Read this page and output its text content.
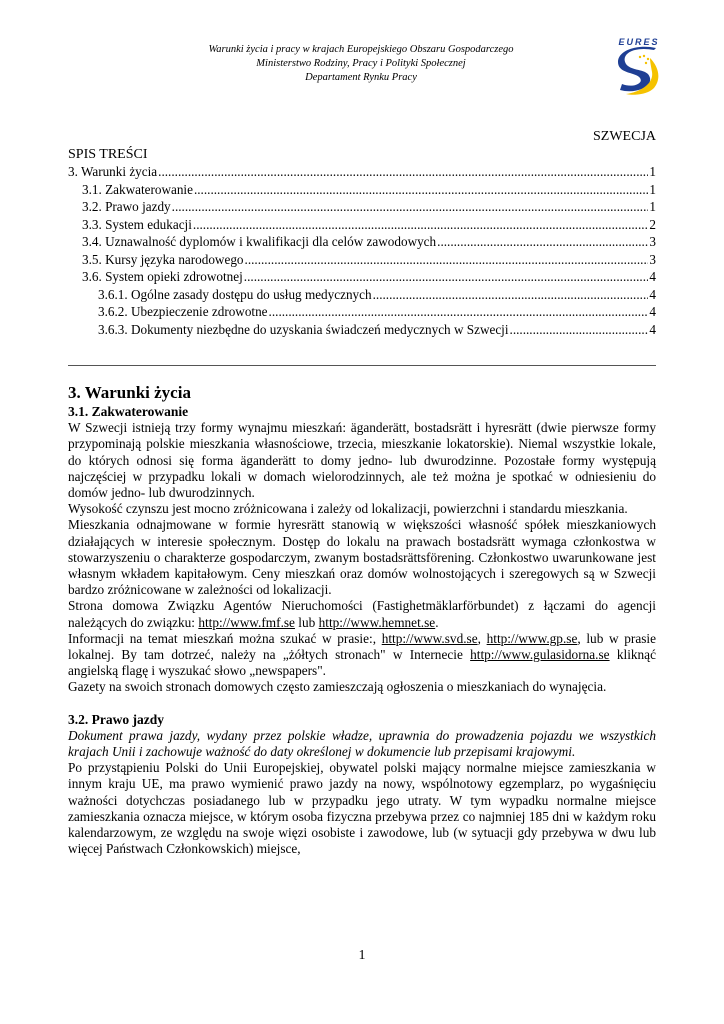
Warunki życia i pracy w krajach Europejskiego Obszaru Gospodarczego
Ministerstwo Rodziny, Pracy i Polityki Społecznej
Departament Rynku Pracy
EURES
SZWECJA
SPIS TREŚCI
3. Warunki życia .....	1
3.1. Zakwaterowanie .....	1
3.2. Prawo jazdy .....	1
3.3. System edukacji .....	2
3.4. Uznawalność dyplomów i kwalifikacji dla celów zawodowych .....	3
3.5. Kursy języka narodowego .....	3
3.6. System opieki zdrowotnej .....	4
3.6.1. Ogólne zasady dostępu do usług medycznych .....	4
3.6.2. Ubezpieczenie zdrowotne .....	4
3.6.3. Dokumenty niezbędne do uzyskania świadczeń medycznych w Szwecji .....	4
3. Warunki życia
3.1. Zakwaterowanie

W Szwecji istnieją trzy formy wynajmu mieszkań: äganderätt, bostadsrätt i hyresrätt (dwie pierwsze formy przypominają polskie mieszkania własnościowe, trzecia, mieszkanie lokatorskie). Niemal wszystkie lokale, do których odnosi się forma äganderätt to domy jedno- lub dwurodzinne. Pozostałe formy występują najczęściej w przypadku lokali w domach wielorodzinnych, ale też można je spotkać w odniesieniu do domów jedno- lub dwurodzinnych.

Wysokość czynszu jest mocno zróżnicowana i zależy od lokalizacji, powierzchni i standardu mieszkania.

Mieszkania odnajmowane w formie hyresrätt stanowią w większości własność spółek mieszkaniowych działających w interesie społecznym. Dostęp do lokalu na prawach bostadsrätt wymaga członkostwa w stowarzyszeniu o charakterze gospodarczym, zwanym bostadsrättsförening. Członkostwo uwarunkowane jest własnym wkładem kapitałowym. Ceny mieszkań oraz domów wolnostojących i szeregowych są w Szwecji bardzo zróżnicowane w zależności od lokalizacji.

Strona domowa Związku Agentów Nieruchomości (Fastighetmäklarförbundet) z łączami do agencji należących do związku: http://www.fmf.se lub http://www.hemnet.se.

Informacji na temat mieszkań można szukać w prasie:, http://www.svd.se, http://www.gp.se, lub w prasie lokalnej. By tam dotrzeć, należy na „żółtych stronach" w Internecie http://www.gulasidorna.se kliknąć angielską flagę i wyszukać słowo „newspapers".

Gazety na swoich stronach domowych często zamieszczają ogłoszenia o mieszkaniach do wynajęcia.

3.2. Prawo jazdy

Dokument prawa jazdy, wydany przez polskie władze, uprawnia do prowadzenia pojazdu we wszystkich krajach Unii i zachowuje ważność do daty określonej w dokumencie lub przepisami krajowymi.

Po przystąpieniu Polski do Unii Europejskiej, obywatel polski mający normalne miejsce zamieszkania w innym kraju UE, ma prawo wymienić prawo jazdy na nowy, wspólnotowy egzemplarz, po wygaśnięciu ważności dotychczas posiadanego lub w przypadku jego utraty. W tym wypadku normalne miejsce zamieszkania oznacza miejsce, w którym osoba fizyczna przebywa przez co najmniej 185 dni w każdym roku kalendarzowym, ze względu na swoje więzi osobiste i zawodowe, lub (w sytuacji gdy przebywa w dwu lub więcej Państwach Członkowskich) miejsce,

1
